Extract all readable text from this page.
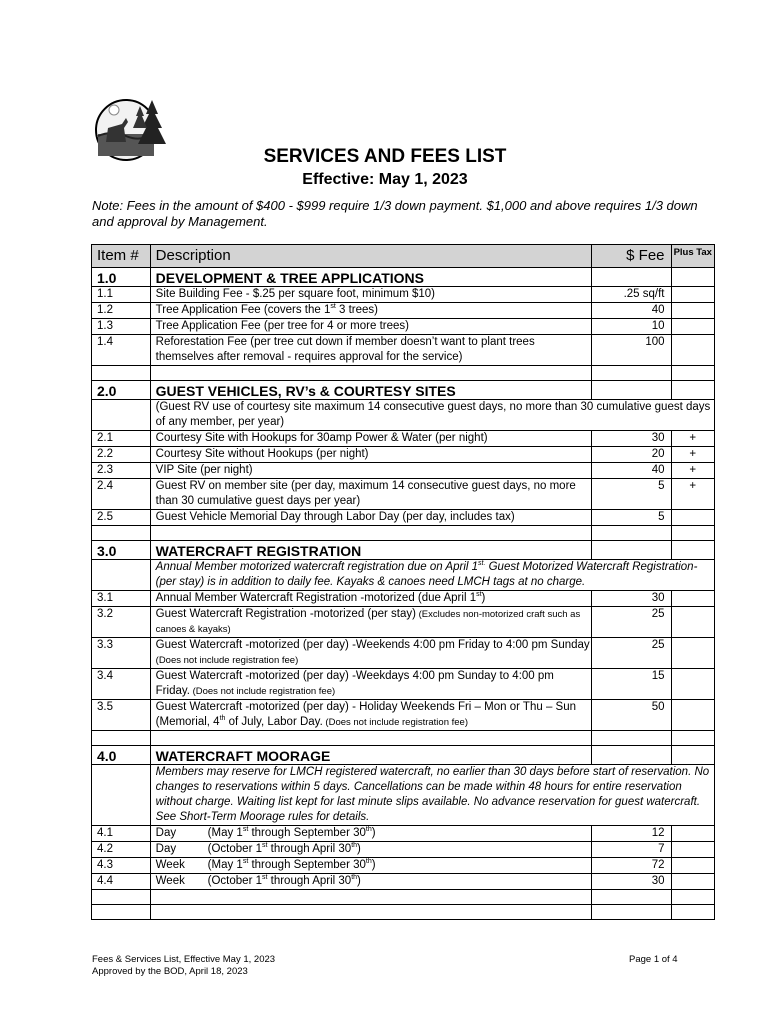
SERVICES AND FEES LIST
Effective: May 1, 2023
Note: Fees in the amount of $400 - $999 require 1/3 down payment. $1,000 and above requires 1/3 down and approval by Management.
Item #	Description	$ Fee	Plus Tax
1.0	DEVELOPMENT & TREE APPLICATIONS		
1.1	Site Building Fee - $.25 per square foot, minimum $10)	.25 sq/ft	
1.2	Tree Application Fee (covers the 1st 3 trees)	40	
1.3	Tree Application Fee (per tree for 4 or more trees)	10	
1.4	Reforestation Fee (per tree cut down if member doesn’t want to plant trees themselves after removal - requires approval for the service)	100	

2.0	GUEST VEHICLES, RV’s & COURTESY SITES		
	(Guest RV use of courtesy site maximum 14 consecutive guest days, no more than 30 cumulative guest days of any member, per year)		
2.1	Courtesy Site with Hookups for 30amp Power & Water (per night)	30	+
2.2	Courtesy Site without Hookups (per night)	20	+
2.3	VIP Site (per night)	40	+
2.4	Guest RV on member site (per day, maximum 14 consecutive guest days, no more than 30 cumulative guest days per year)	5	+
2.5	Guest Vehicle Memorial Day through Labor Day (per day, includes tax)	5	

3.0	WATERCRAFT REGISTRATION		
	Annual Member motorized watercraft registration due on April $1^{st.}$ Guest Motorized Watercraft Registration- (per stay) is in addition to daily fee. Kayaks & canoes need LMCH tags at no charge.		
3.1	Annual Member Watercraft Registration -motorized (due April 1st)	30	
3.2	Guest Watercraft Registration -motorized (per stay) (Excludes non-motorized craft such as canoes & kayaks)	25	
3.3	Guest Watercraft -motorized (per day) -Weekends 4:00 pm Friday to 4:00 pm Sunday (Does not include registration fee)	25	
3.4	Guest Watercraft -motorized (per day) -Weekdays 4:00 pm Sunday to 4:00 pm Friday. (Does not include registration fee)	15	
3.5	Guest Watercraft -motorized (per day) - Holiday Weekends Fri – Mon or Thu – Sun (Memorial, 4th of July, Labor Day. (Does not include registration fee)	50	

4.0	WATERCRAFT MOORAGE		
	Members may reserve for LMCH registered watercraft, no earlier than 30 days before start of reservation. No changes to reservations within 5 days. Cancellations can be made within 48 hours for entire reservation without charge. Waiting list kept for last minute slips available. No advance reservation for guest watercraft. See Short-Term Moorage rules for details.		
4.1	Day (May 1st through September 30th)	12	
4.2	Day (October 1st through April 30th)	7	
4.3	Week (May 1st through September 30th)	72	
4.4	Week (October 1st through April 30th)	30	

Fees & Services List, Effective May 1, 2023
Approved by the BOD, April 18, 2023
Page 1 of 4
